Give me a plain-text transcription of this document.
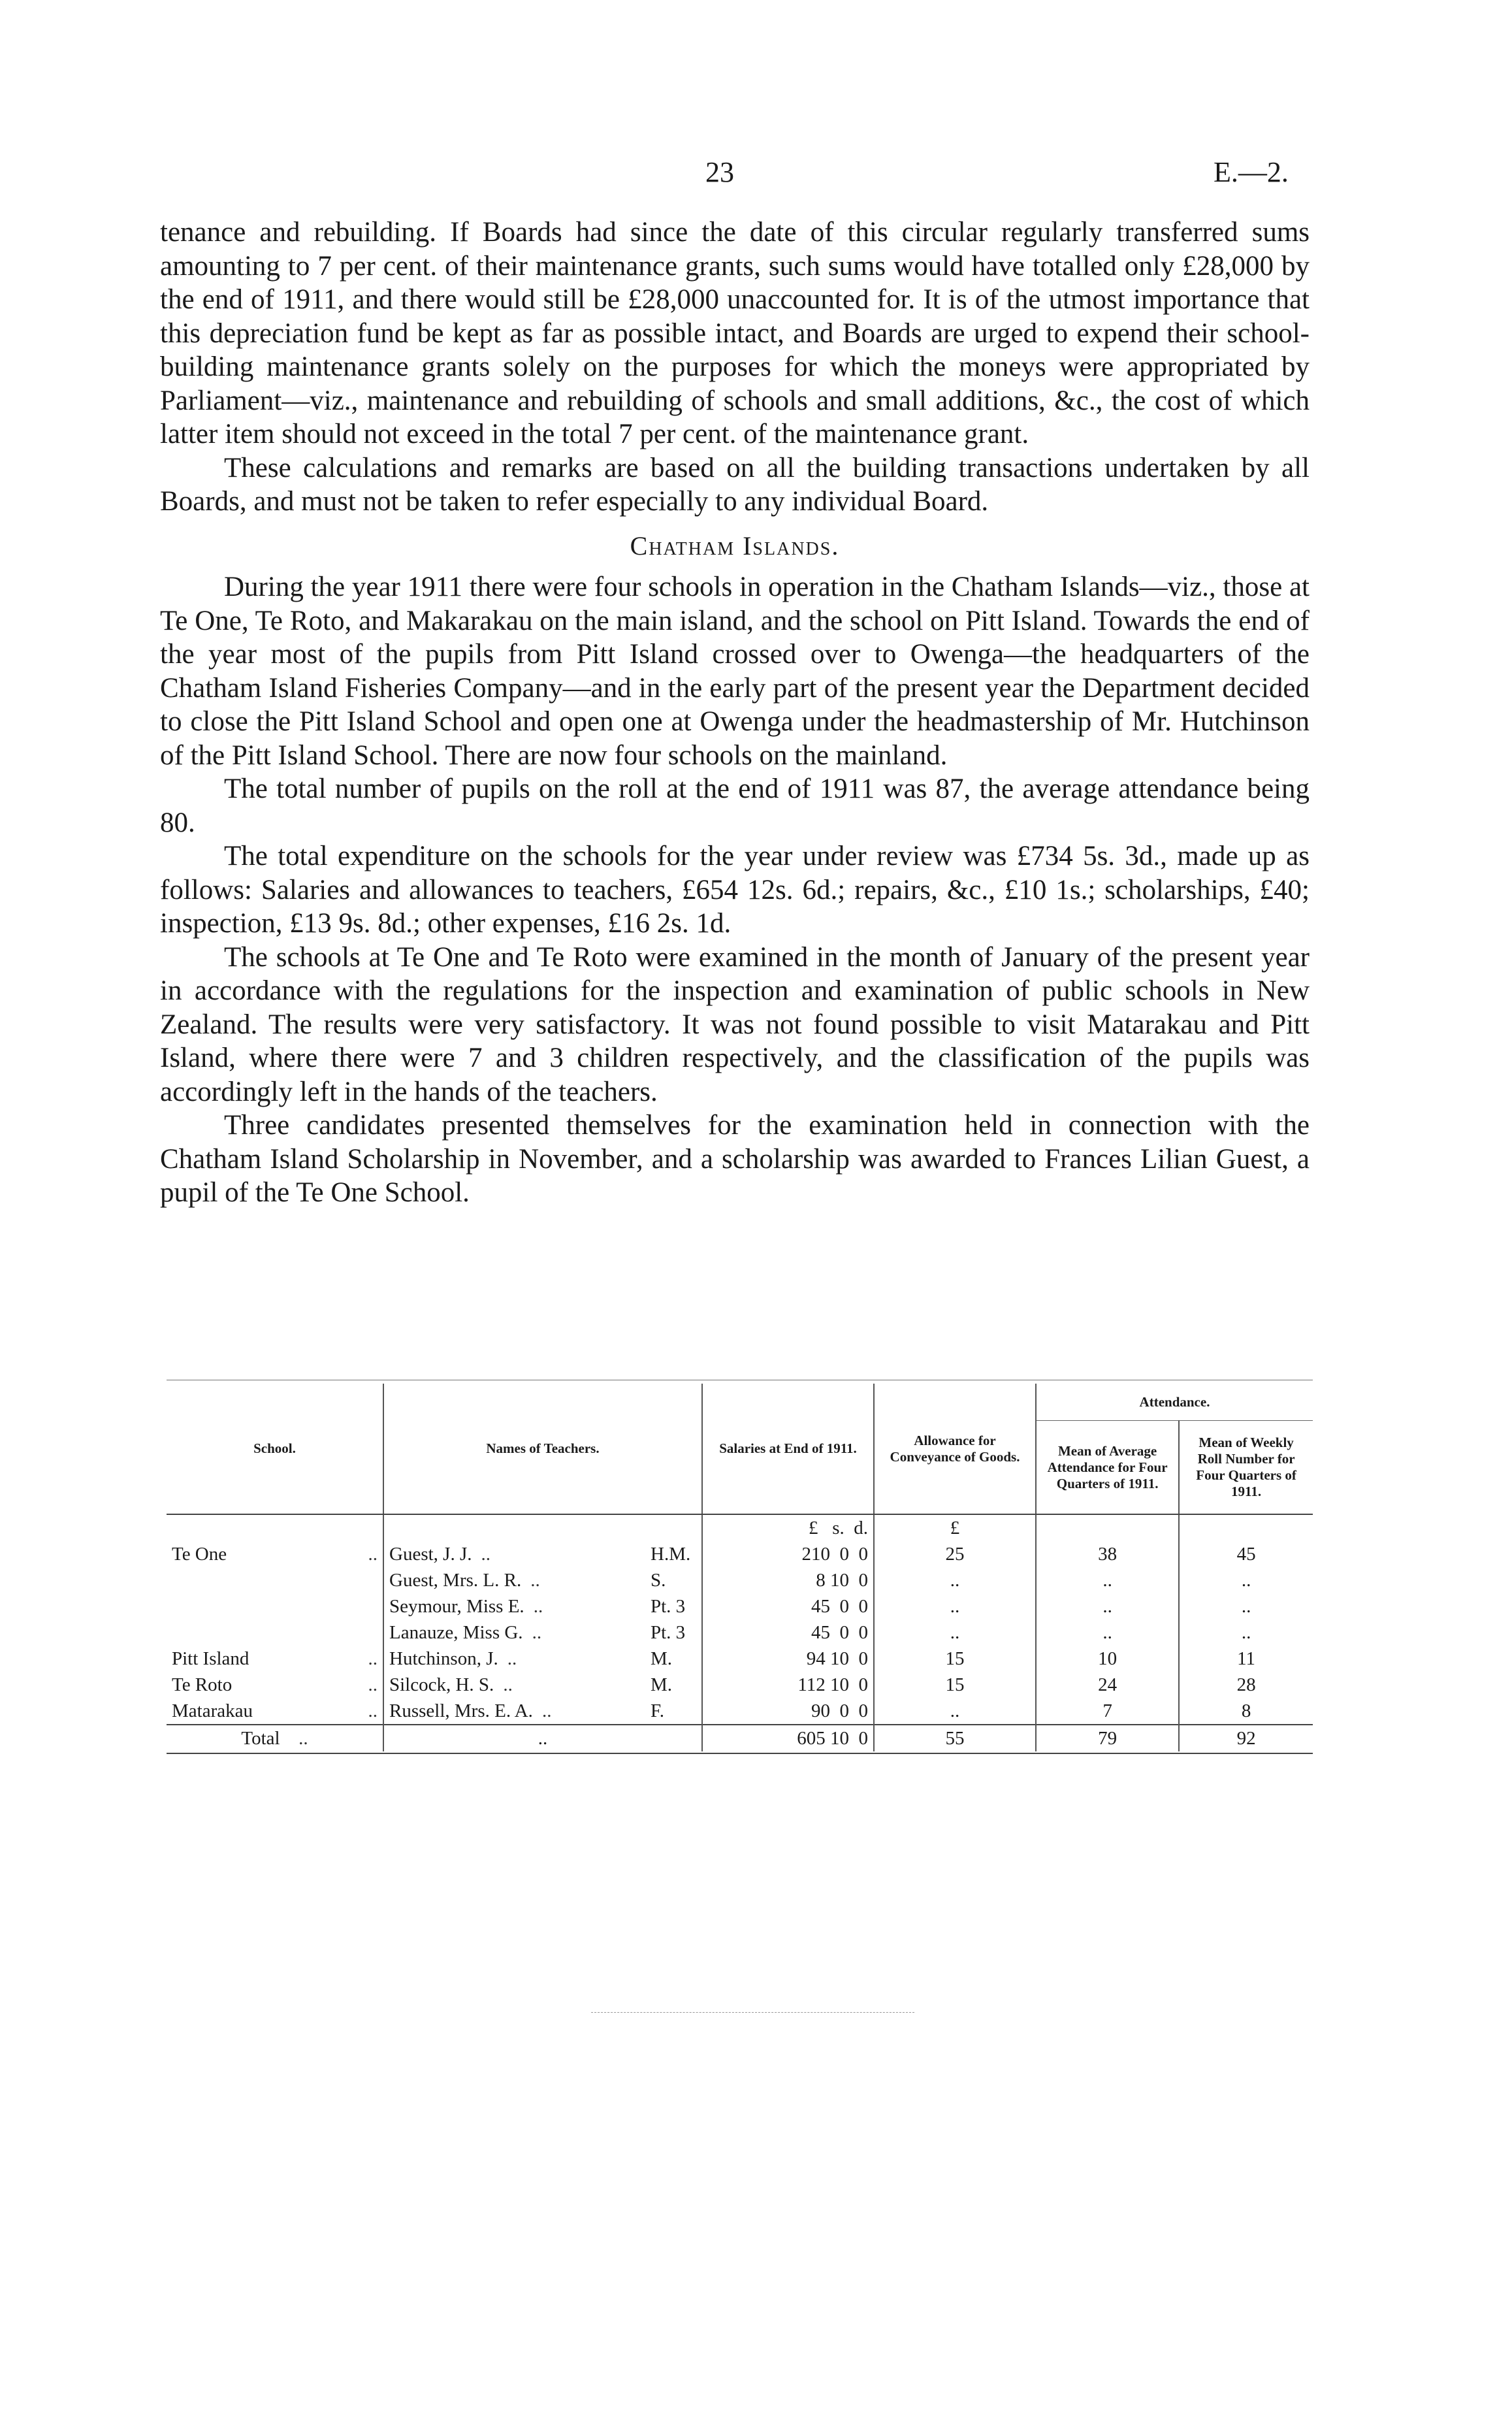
23	E.—2.

tenance and rebuilding. If Boards had since the date of this circular regularly transferred sums amounting to 7 per cent. of their maintenance grants, such sums would have totalled only £28,000 by the end of 1911, and there would still be £28,000 unaccounted for. It is of the utmost importance that this depreciation fund be kept as far as possible intact, and Boards are urged to expend their school-building maintenance grants solely on the purposes for which the moneys were appropriated by Parliament—viz., maintenance and rebuilding of schools and small additions, &c., the cost of which latter item should not exceed in the total 7 per cent. of the maintenance grant.

These calculations and remarks are based on all the building transactions undertaken by all Boards, and must not be taken to refer especially to any individual Board.

Chatham Islands.

During the year 1911 there were four schools in operation in the Chatham Islands—viz., those at Te One, Te Roto, and Makarakau on the main island, and the school on Pitt Island. Towards the end of the year most of the pupils from Pitt Island crossed over to Owenga—the headquarters of the Chatham Island Fisheries Company—and in the early part of the present year the Department decided to close the Pitt Island School and open one at Owenga under the headmastership of Mr. Hutchinson of the Pitt Island School. There are now four schools on the mainland.

The total number of pupils on the roll at the end of 1911 was 87, the average attendance being 80.

The total expenditure on the schools for the year under review was £734 5s. 3d., made up as follows: Salaries and allowances to teachers, £654 12s. 6d.; repairs, &c., £10 1s.; scholarships, £40; inspection, £13 9s. 8d.; other expenses, £16 2s. 1d.

The schools at Te One and Te Roto were examined in the month of January of the present year in accordance with the regulations for the inspection and examination of public schools in New Zealand. The results were very satisfactory. It was not found possible to visit Matarakau and Pitt Island, where there were 7 and 3 children respectively, and the classification of the pupils was accordingly left in the hands of the teachers.

Three candidates presented themselves for the examination held in connection with the Chatham Island Scholarship in November, and a scholarship was awarded to Frances Lilian Guest, a pupil of the Te One School.

School.	Names of Teachers.	Salaries at End of 1911.	Allowance for Conveyance of Goods.	Attendance.	
				Mean of Average Attendance for Four Quarters of 1911.	Mean of Weekly Roll Number for Four Quarters of 1911.
		£   s.  d.	£		

Te One ..	Guest, J. J. .. H.M.	210  0  0	25	38	45

	Guest, Mrs. L. R. .. S.	8 10  0	..	..	..

	Seymour, Miss E. .. Pt. 3	45  0  0	..	..	..

	Lanauze, Miss G. .. Pt. 3	45  0  0	..	..	..

Pitt Island ..	Hutchinson, J. .. M.	94 10  0	15	10	11

Te Roto ..	Silcock, H. S. .. M.	112 10  0	15	24	28

Matarakau ..	Russell, Mrs. E. A. .. F.	90  0  0	..	7	8
Total ..	..	605 10  0	55	79	92
